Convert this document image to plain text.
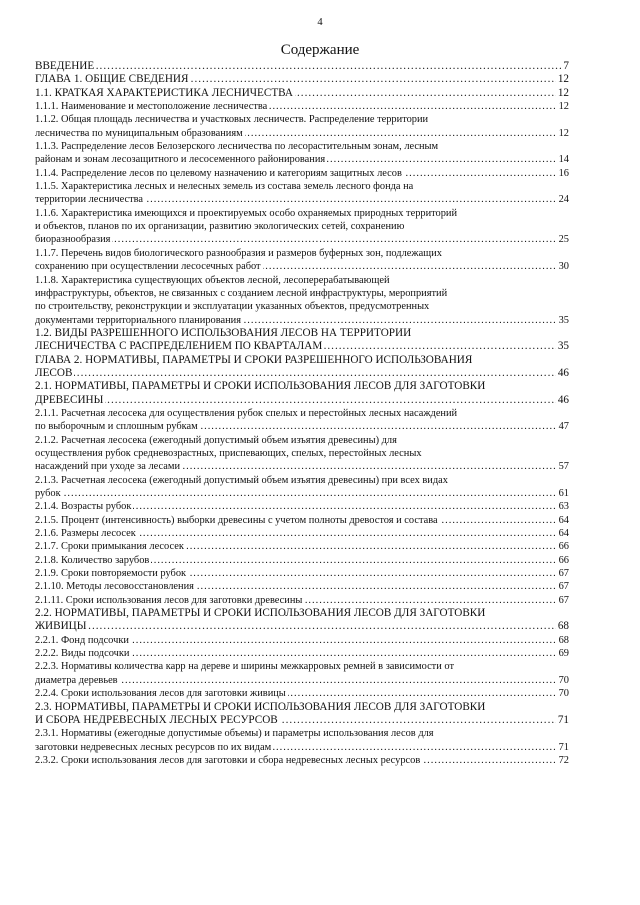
4
Содержание
.....
ВВЕДЕНИЕ	7
.....
ГЛАВА 1. ОБЩИЕ СВЕДЕНИЯ	12
.....
1.1. КРАТКАЯ ХАРАКТЕРИСТИКА ЛЕСНИЧЕСТВА	12
.....
1.1.1. Наименование и местоположение лесничества	12
1.1.2. Общая площадь лесничества и участковых лесничеств. Распределение территории
.....
лесничества по муниципальным образованиям	12
1.1.3. Распределение лесов Белозерского лесничества по лесорастительным зонам, лесным
.....
районам и зонам лесозащитного и лесосеменного районирования	14
.....
1.1.4. Распределение лесов по целевому назначению и категориям защитных лесов	16
1.1.5. Характеристика лесных и нелесных земель из состава земель лесного фонда на
.....
территории лесничества	24
1.1.6. Характеристика имеющихся и проектируемых особо охраняемых природных территорий
и объектов, планов по их организации, развитию экологических сетей, сохранению
.....
биоразнообразия	25
1.1.7. Перечень видов биологического разнообразия и размеров буферных зон, подлежащих
.....
сохранению при осуществлении лесосечных работ	30
1.1.8. Характеристика существующих объектов лесной, лесоперерабатывающей
инфраструктуры, объектов, не связанных с созданием лесной инфраструктуры, мероприятий
по строительству, реконструкции и эксплуатации указанных объектов, предусмотренных
.....
документами территориального планирования	35
1.2. ВИДЫ РАЗРЕШЕННОГО ИСПОЛЬЗОВАНИЯ ЛЕСОВ НА ТЕРРИТОРИИ
.....
ЛЕСНИЧЕСТВА С РАСПРЕДЕЛЕНИЕМ ПО КВАРТАЛАМ	35
ГЛАВА 2. НОРМАТИВЫ, ПАРАМЕТРЫ И СРОКИ РАЗРЕШЕННОГО ИСПОЛЬЗОВАНИЯ
.....
ЛЕСОВ	46
2.1. НОРМАТИВЫ, ПАРАМЕТРЫ И СРОКИ ИСПОЛЬЗОВАНИЯ ЛЕСОВ ДЛЯ ЗАГОТОВКИ
.....
ДРЕВЕСИНЫ	46
2.1.1. Расчетная лесосека для осуществления рубок спелых и перестойных лесных насаждений
.....
по выборочным и сплошным рубкам	47
2.1.2. Расчетная лесосека (ежегодный допустимый объем изъятия древесины) для
осуществления рубок средневозрастных, приспевающих, спелых, перестойных лесных
.....
насаждений при уходе за лесами	57
2.1.3. Расчетная лесосека (ежегодный допустимый объем изъятия древесины) при всех видах
.....
рубок	61
.....
2.1.4. Возрасты рубок	63
.....
2.1.5. Процент (интенсивность) выборки древесины с учетом полноты древостоя и состава	64
.....
2.1.6. Размеры лесосек	64
.....
2.1.7. Сроки примыкания лесосек	66
.....
2.1.8. Количество зарубов	66
.....
2.1.9. Сроки повторяемости рубок	67
.....
2.1.10. Методы лесовосстановления	67
.....
2.1.11. Сроки использования лесов для заготовки древесины	67
2.2. НОРМАТИВЫ, ПАРАМЕТРЫ И СРОКИ ИСПОЛЬЗОВАНИЯ ЛЕСОВ ДЛЯ ЗАГОТОВКИ
.....
ЖИВИЦЫ	68
.....
2.2.1. Фонд подсочки	68
.....
2.2.2. Виды подсочки	69
2.2.3. Нормативы количества карр на дереве и ширины межкарровых ремней в зависимости от
.....
диаметра деревьев	70
.....
2.2.4. Сроки использования лесов для заготовки живицы	70
2.3. НОРМАТИВЫ, ПАРАМЕТРЫ И СРОКИ ИСПОЛЬЗОВАНИЯ ЛЕСОВ ДЛЯ ЗАГОТОВКИ
.....
И СБОРА НЕДРЕВЕСНЫХ ЛЕСНЫХ РЕСУРСОВ	71
2.3.1. Нормативы (ежегодные допустимые объемы) и параметры использования лесов для
.....
заготовки недревесных лесных ресурсов по их видам	71
.....
2.3.2. Сроки использования лесов для заготовки и сбора недревесных лесных ресурсов	72
